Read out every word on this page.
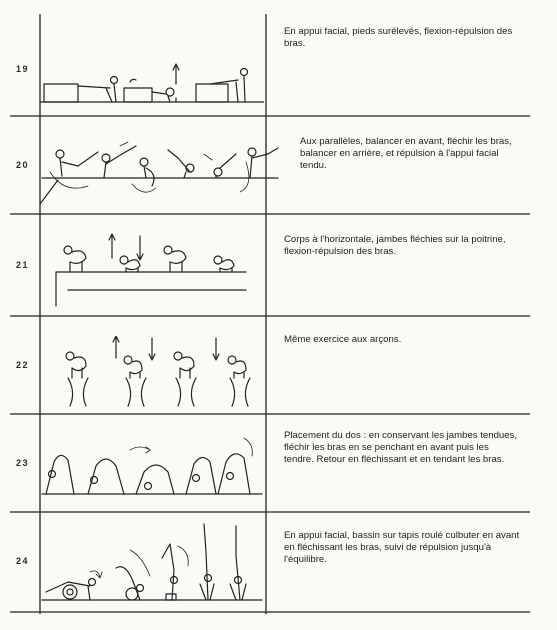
19
En appui facial, pieds surélevés, flexion-répulsion des bras.
20
Aux parallèles, balancer en avant, fléchir les bras, balancer en arrière, et répulsion à l'appui facial tendu.
21
Corps à l'horizontale, jambes fléchies sur la poitrine, flexion-répulsion des bras.
22
Même exercice aux arçons.
23
Placement du dos : en conservant les jambes tendues, fléchir les bras en se penchant en avant puis les tendre. Retour en fléchissant et en tendant les bras.
24
En appui facial, bassin sur tapis roulé culbuter en avant en fléchissant les bras, suivi de répulsion jusqu'à l'équilibre.
